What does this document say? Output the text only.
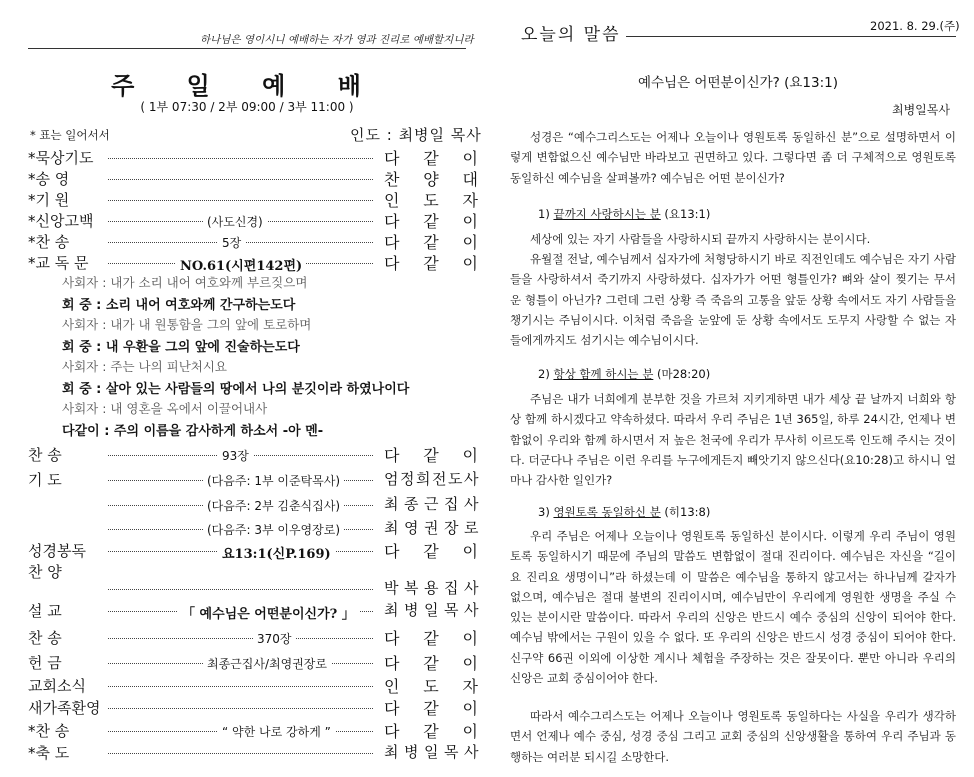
하나님은 영이시니 예배하는 자가 영과 진리로 예배할지니라
주 일 예 배
( 1부 07:30 / 2부 09:00 / 3부 11:00 )
* 표는 일어서서	인도 : 최병일 목사
*묵상기도	다 같 이
*송 영	찬 양 대
*기 원	인 도 자
*신앙고백	(사도신경)	다 같 이
*찬 송	5장	다 같 이
*교 독 문	NO.61(시편142편)	다 같 이
사회자 : 내가 소리 내어 여호와께 부르짖으며
회 중 : 소리 내어 여호와께 간구하는도다
사회자 : 내가 내 원통함을 그의 앞에 토로하며
회 중 : 내 우환을 그의 앞에 진술하는도다
사회자 : 주는 나의 피난처시요
회 중 : 살아 있는 사람들의 땅에서 나의 분깃이라 하였나이다
사회자 : 내 영혼을 옥에서 이끌어내사
다같이 : 주의 이름을 감사하게 하소서 -아 멘-
찬 송	93장	다 같 이
기 도	(다음주: 1부 이준탁목사)	엄 정 희 전 도 사
(다음주: 2부 김춘식집사)	최 종 근 집 사
(다음주: 3부 이우영장로)	최 영 권 장 로
성경봉독	요13:1(신P.169)	다 같 이
찬 양
박 복 용 집 사
설 교	「 예수님은 어떤분이신가? 」 최 병 일 목 사
찬 송	370장	다 같 이
헌 금	최종근집사/최영권장로	다 같 이
교회소식	인 도 자
새가족환영	다 같 이
*찬 송	“ 약한 나로 강하게 ”	다 같 이
*축 도	최 병 일 목 사
오늘의 말씀	2021. 8. 29.(주)
예수님은 어떤분이신가? (요13:1)
최병일목사
성경은 “예수그리스도는 어제나 오늘이나 영원토록 동일하신 분”으로 설명하면서 이렇게 변함없으신 예수님만 바라보고 권면하고 있다. 그렇다면 좀 더 구체적으로 영원토록 동일하신 예수님을 살펴볼까? 예수님은 어떤 분이신가?
1) 끝까지 사랑하시는 분 (요13:1)
세상에 있는 자기 사람들을 사랑하시되 끝까지 사랑하시는 분이시다.
유월절 전날, 예수님께서 십자가에 처형당하시기 바로 직전인데도 예수님은 자기 사람들을 사랑하셔서 죽기까지 사랑하셨다. 십자가가 어떤 형틀인가? 뼈와 살이 찢기는 무서운 형틀이 아닌가? 그런데 그런 상황 즉 죽음의 고통을 앞둔 상황 속에서도 자기 사람들을 챙기시는 주님이시다. 이처럼 죽음을 눈앞에 둔 상황 속에서도 도무지 사랑할 수 없는 자들에게까지도 섬기시는 예수님이시다.
2) 항상 함께 하시는 분 (마28:20)
주님은 내가 너희에게 분부한 것을 가르쳐 지키게하면 내가 세상 끝 날까지 너희와 항상 함께 하시겠다고 약속하셨다. 따라서 우리 주님은 1년 365일, 하루 24시간, 언제나 변함없이 우리와 함께 하시면서 저 높은 천국에 우리가 무사히 이르도록 인도해 주시는 것이다. 더군다나 주님은 이런 우리를 누구에게든지 빼앗기지 않으신다(요10:28)고 하시니 얼마나 감사한 일인가?
3) 영원토록 동일하신 분 (히13:8)
우리 주님은 어제나 오늘이나 영원토록 동일하신 분이시다. 이렇게 우리 주님이 영원토록 동일하시기 때문에 주님의 말씀도 변함없이 절대 진리이다. 예수님은 자신을 “길이요 진리요 생명이니”라 하셨는데 이 말씀은 예수님을 통하지 않고서는 하나님께 갈자가 없으며, 예수님은 절대 불변의 진리이시며, 예수님만이 우리에게 영원한 생명을 주실 수 있는 분이시란 말씀이다. 따라서 우리의 신앙은 반드시 예수 중심의 신앙이 되어야 한다. 예수님 밖에서는 구원이 있을 수 없다. 또 우리의 신앙은 반드시 성경 중심이 되어야 한다. 신구약 66권 이외에 이상한 계시나 체험을 주장하는 것은 잘못이다. 뿐만 아니라 우리의 신앙은 교회 중심이어야 한다.
따라서 예수그리스도는 어제나 오늘이나 영원토록 동일하다는 사실을 우리가 생각하면서 언제나 예수 중심, 성경 중심 그리고 교회 중심의 신앙생활을 통하여 우리 주님과 동행하는 여러분 되시길 소망한다.
